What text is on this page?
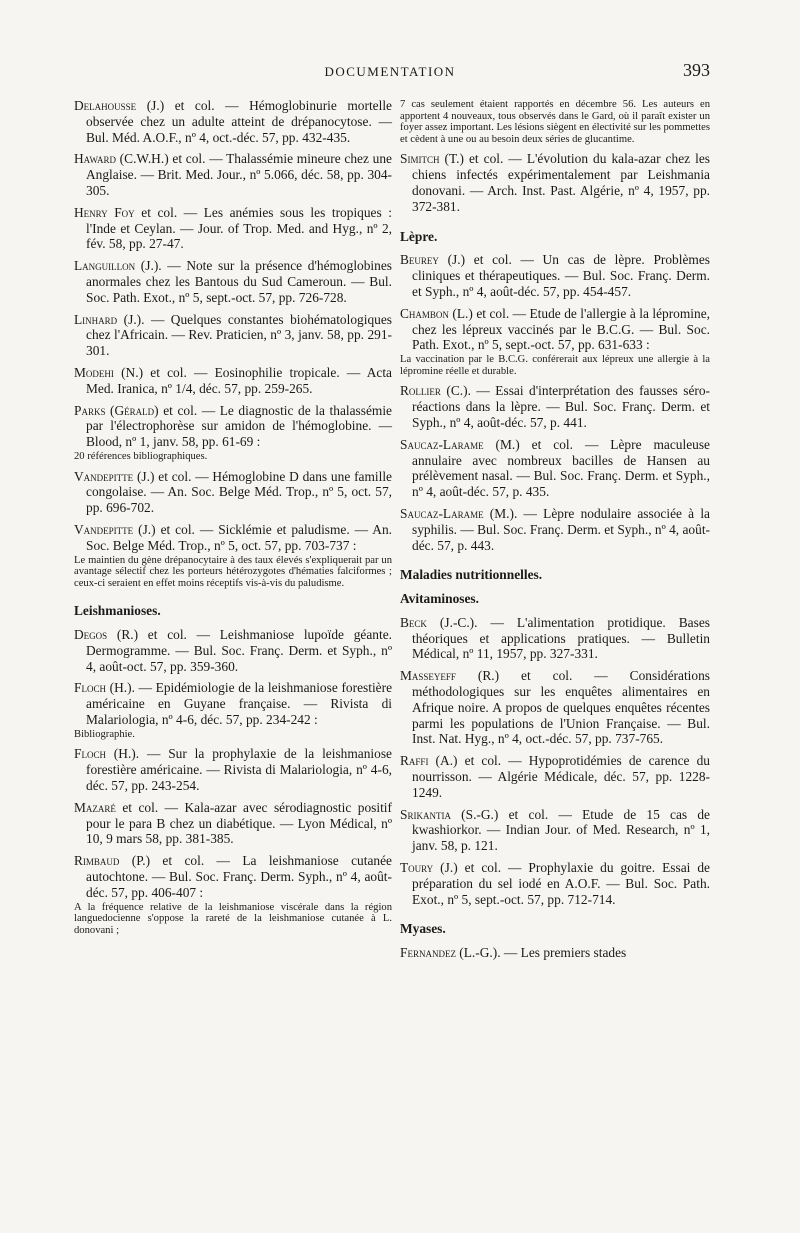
DOCUMENTATION	393

Delahousse (J.) et col. — Hémoglobinurie mortelle observée chez un adulte atteint de drépanocytose. — Bul. Méd. A.O.F., nº 4, oct.-déc. 57, pp. 432-435.

Haward (C.W.H.) et col. — Thalassémie mineure chez une Anglaise. — Brit. Med. Jour., nº 5.066, déc. 58, pp. 304-305.

Henry Foy et col. — Les anémies sous les tropiques : l'Inde et Ceylan. — Jour. of Trop. Med. and Hyg., nº 2, fév. 58, pp. 27-47.

Languillon (J.). — Note sur la présence d'hémoglobines anormales chez les Bantous du Sud Cameroun. — Bul. Soc. Path. Exot., nº 5, sept.-oct. 57, pp. 726-728.

Linhard (J.). — Quelques constantes biohématologiques chez l'Africain. — Rev. Praticien, nº 3, janv. 58, pp. 291-301.

Modehi (N.) et col. — Eosinophilie tropicale. — Acta Med. Iranica, nº 1/4, déc. 57, pp. 259-265.

Parks (Gérald) et col. — Le diagnostic de la thalassémie par l'électrophorèse sur amidon de l'hémoglobine. — Blood, nº 1, janv. 58, pp. 61-69 :

20 références bibliographiques.

Vandepitte (J.) et col. — Hémoglobine D dans une famille congolaise. — An. Soc. Belge Méd. Trop., nº 5, oct. 57, pp. 696-702.

Vandepitte (J.) et col. — Sicklémie et paludisme. — An. Soc. Belge Méd. Trop., nº 5, oct. 57, pp. 703-737 :

Le maintien du gène drépanocytaire à des taux élevés s'expliquerait par un avantage sélectif chez les porteurs hétérozygotes d'hématies falciformes ; ceux-ci seraient en effet moins réceptifs vis-à-vis du paludisme.

Leishmanioses.

Degos (R.) et col. — Leishmaniose lupoïde géante. Dermogramme. — Bul. Soc. Franç. Derm. et Syph., nº 4, août-oct. 57, pp. 359-360.

Floch (H.). — Epidémiologie de la leishmaniose forestière américaine en Guyane française. — Rivista di Malariologia, nº 4-6, déc. 57, pp. 234-242 :

Bibliographie.

Floch (H.). — Sur la prophylaxie de la leishmaniose forestière américaine. — Rivista di Malariologia, nº 4-6, déc. 57, pp. 243-254.

Mazaré et col. — Kala-azar avec sérodiagnostic positif pour le para B chez un diabétique. — Lyon Médical, nº 10, 9 mars 58, pp. 381-385.

Rimbaud (P.) et col. — La leishmaniose cutanée autochtone. — Bul. Soc. Franç. Derm. Syph., nº 4, août-déc. 57, pp. 406-407 :

A la fréquence relative de la leishmaniose viscérale dans la région languedocienne s'oppose la rareté de la leishmaniose cutanée à L. donovani ;

7 cas seulement étaient rapportés en décembre 56. Les auteurs en apportent 4 nouveaux, tous observés dans le Gard, où il paraît exister un foyer assez important. Les lésions siègent en électivité sur les pommettes et cèdent à une ou au besoin deux séries de glucantime.

Simitch (T.) et col. — L'évolution du kala-azar chez les chiens infectés expérimentalement par Leishmania donovani. — Arch. Inst. Past. Algérie, nº 4, 1957, pp. 372-381.

Lèpre.

Beurey (J.) et col. — Un cas de lèpre. Problèmes cliniques et thérapeutiques. — Bul. Soc. Franç. Derm. et Syph., nº 4, août-déc. 57, pp. 454-457.

Chambon (L.) et col. — Etude de l'allergie à la lépromine, chez les lépreux vaccinés par le B.C.G. — Bul. Soc. Path. Exot., nº 5, sept.-oct. 57, pp. 631-633 :

La vaccination par le B.C.G. conférerait aux lépreux une allergie à la lépromine réelle et durable.

Rollier (C.). — Essai d'interprétation des fausses séro-réactions dans la lèpre. — Bul. Soc. Franç. Derm. et Syph., nº 4, août-déc. 57, p. 441.

Saucaz-Larame (M.) et col. — Lèpre maculeuse annulaire avec nombreux bacilles de Hansen au prélèvement nasal. — Bul. Soc. Franç. Derm. et Syph., nº 4, août-déc. 57, p. 435.

Saucaz-Larame (M.). — Lèpre nodulaire associée à la syphilis. — Bul. Soc. Franç. Derm. et Syph., nº 4, août-déc. 57, p. 443.

Maladies nutritionnelles.
Avitaminoses.

Beck (J.-C.). — L'alimentation protidique. Bases théoriques et applications pratiques. — Bulletin Médical, nº 11, 1957, pp. 327-331.

Masseyeff (R.) et col. — Considérations méthodologiques sur les enquêtes alimentaires en Afrique noire. A propos de quelques enquêtes récentes parmi les populations de l'Union Française. — Bul. Inst. Nat. Hyg., nº 4, oct.-déc. 57, pp. 737-765.

Raffi (A.) et col. — Hypoprotidémies de carence du nourrisson. — Algérie Médicale, déc. 57, pp. 1228-1249.

Srikantia (S.-G.) et col. — Etude de 15 cas de kwashiorkor. — Indian Jour. of Med. Research, nº 1, janv. 58, p. 121.

Toury (J.) et col. — Prophylaxie du goitre. Essai de préparation du sel iodé en A.O.F. — Bul. Soc. Path. Exot., nº 5, sept.-oct. 57, pp. 712-714.

Myases.

Fernandez (L.-G.). — Les premiers stades
